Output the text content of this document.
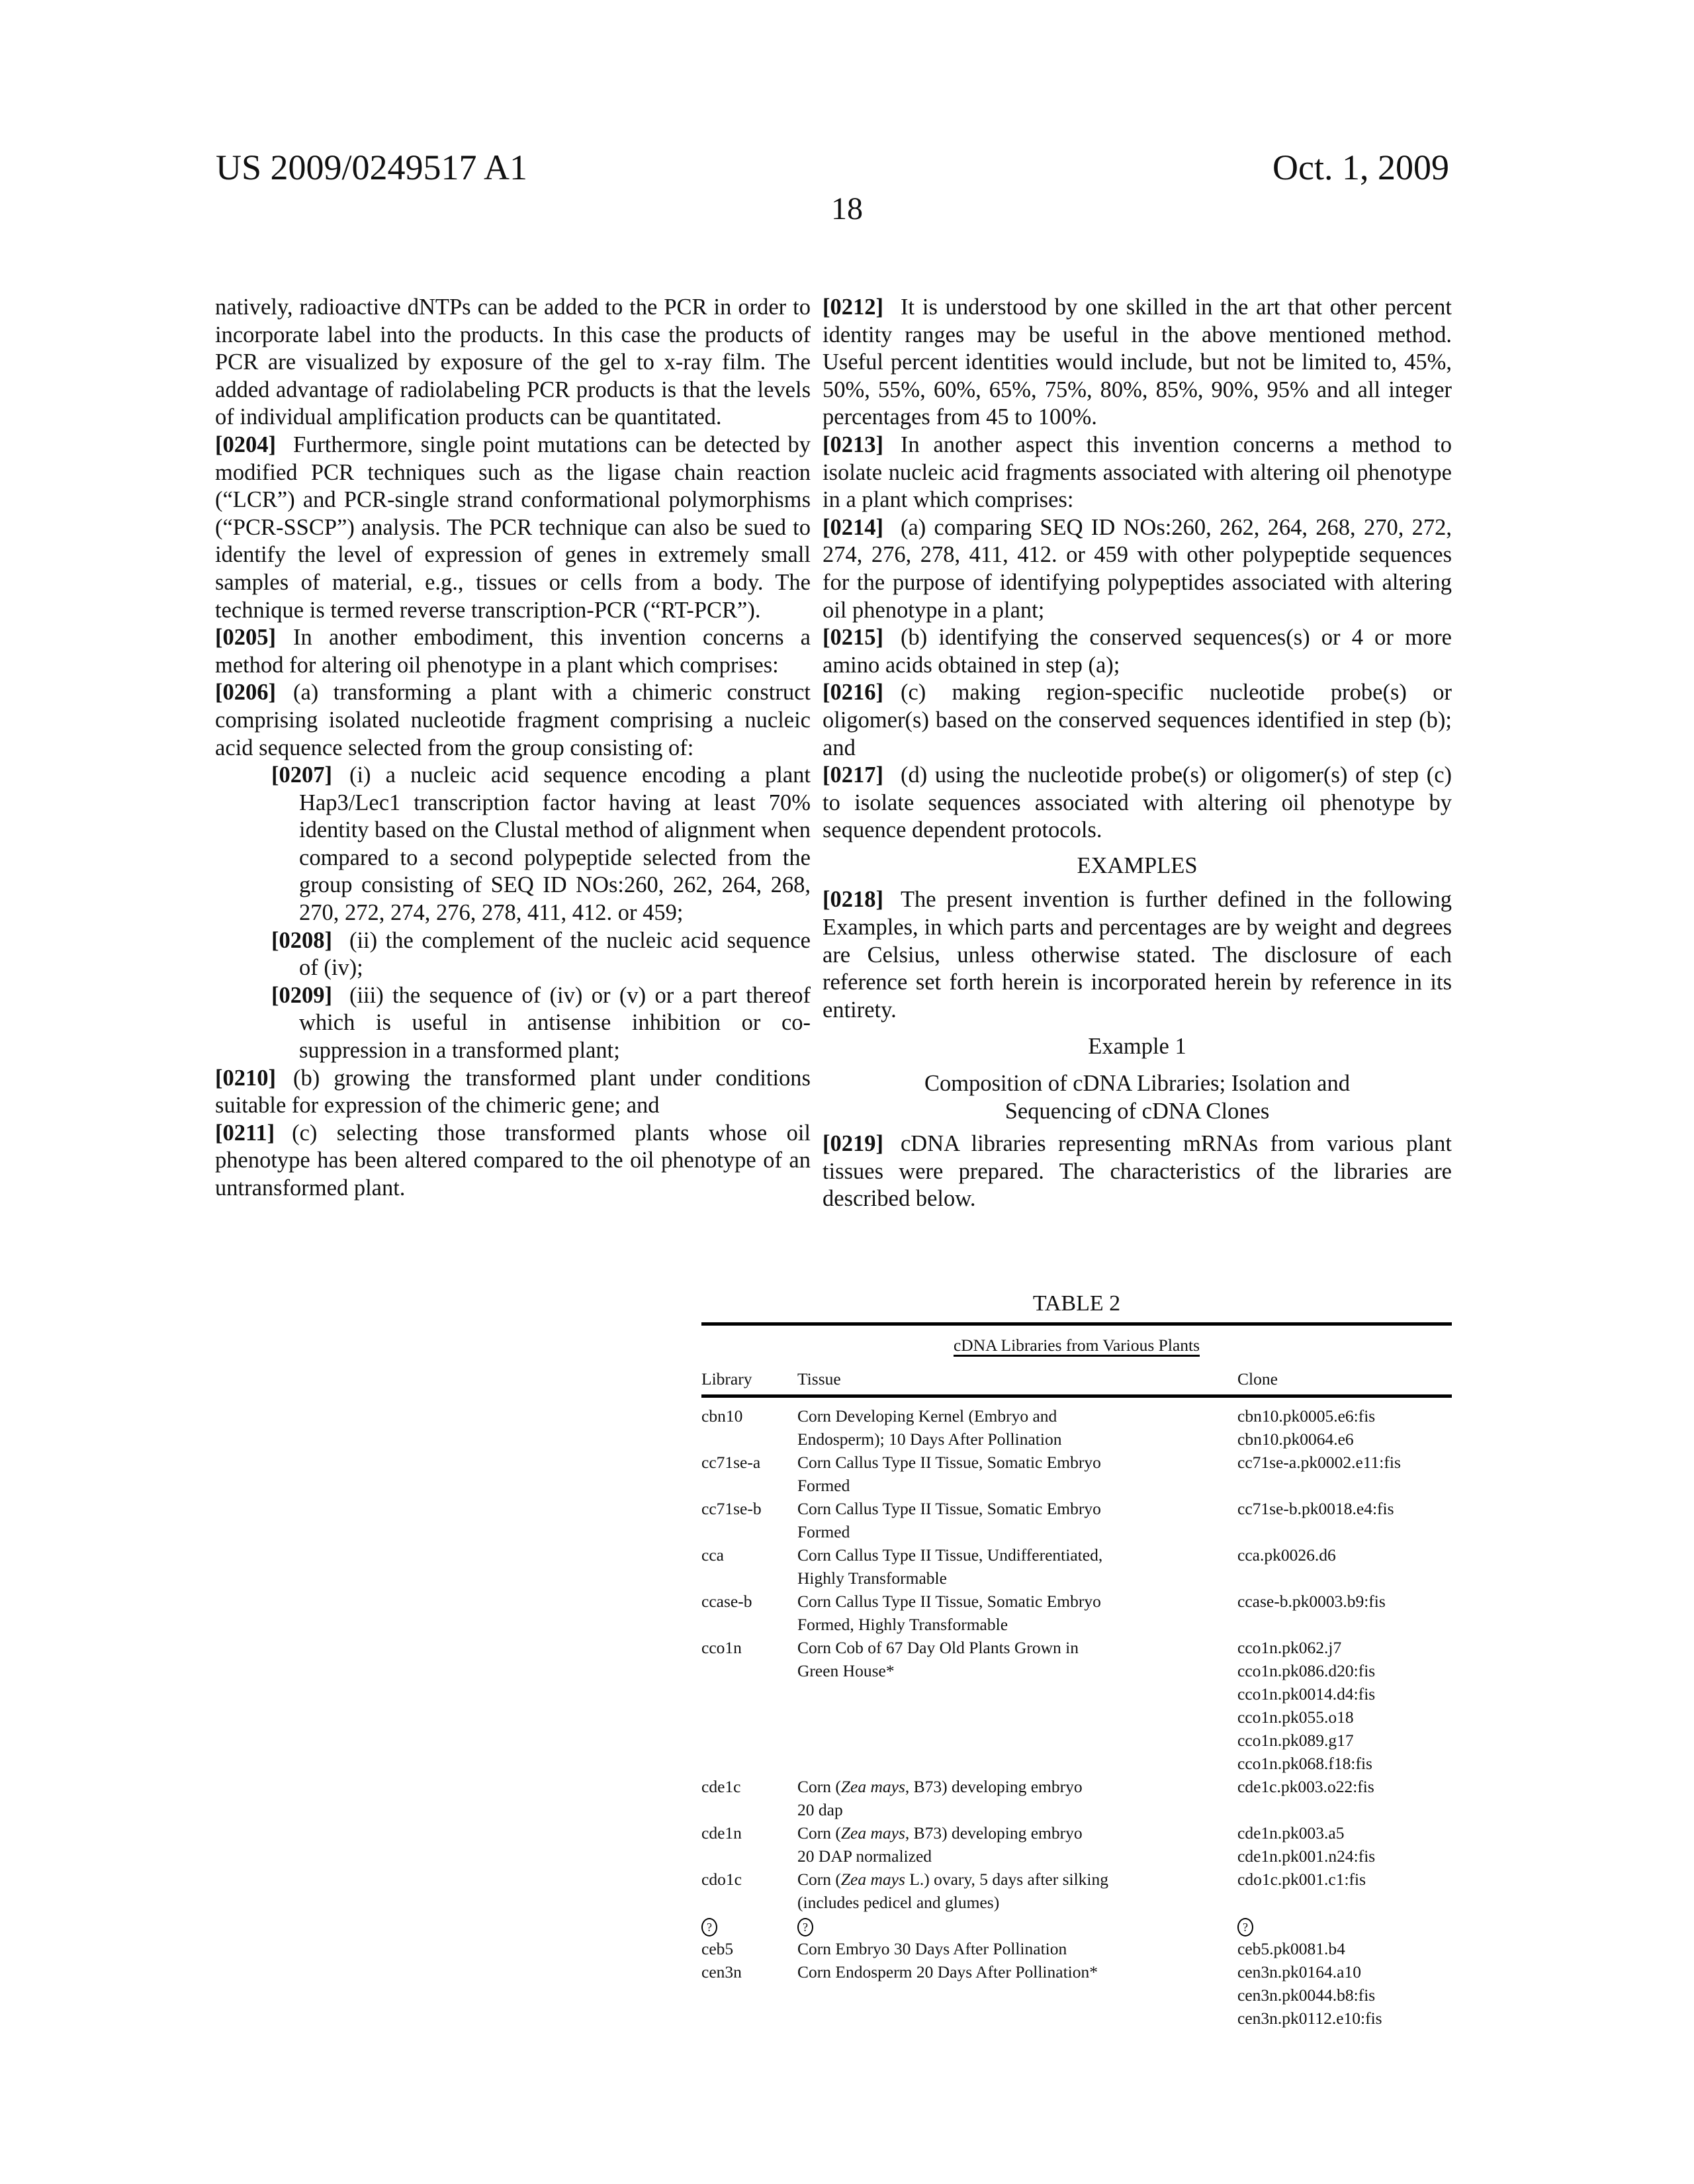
US 2009/0249517 A1	Oct. 1, 2009
18

natively, radioactive dNTPs can be added to the PCR in order to incorporate label into the products. In this case the products of PCR are visualized by exposure of the gel to x-ray film. The added advantage of radiolabeling PCR products is that the levels of individual amplification products can be quantitated.

[0204] Furthermore, single point mutations can be detected by modified PCR techniques such as the ligase chain reaction (“LCR”) and PCR-single strand conformational polymorphisms (“PCR-SSCP”) analysis. The PCR technique can also be sued to identify the level of expression of genes in extremely small samples of material, e.g., tissues or cells from a body. The technique is termed reverse transcription-PCR (“RT-PCR”).

[0205] In another embodiment, this invention concerns a method for altering oil phenotype in a plant which comprises:

[0206] (a) transforming a plant with a chimeric construct comprising isolated nucleotide fragment comprising a nucleic acid sequence selected from the group consisting of:

[0207] (i) a nucleic acid sequence encoding a plant Hap3/Lec1 transcription factor having at least 70% identity based on the Clustal method of alignment when compared to a second polypeptide selected from the group consisting of SEQ ID NOs:260, 262, 264, 268, 270, 272, 274, 276, 278, 411, 412. or 459;

[0208] (ii) the complement of the nucleic acid sequence of (iv);

[0209] (iii) the sequence of (iv) or (v) or a part thereof which is useful in antisense inhibition or co-suppression in a transformed plant;

[0210] (b) growing the transformed plant under conditions suitable for expression of the chimeric gene; and

[0211] (c) selecting those transformed plants whose oil phenotype has been altered compared to the oil phenotype of an untransformed plant.

[0212] It is understood by one skilled in the art that other percent identity ranges may be useful in the above mentioned method. Useful percent identities would include, but not be limited to, 45%, 50%, 55%, 60%, 65%, 75%, 80%, 85%, 90%, 95% and all integer percentages from 45 to 100%.

[0213] In another aspect this invention concerns a method to isolate nucleic acid fragments associated with altering oil phenotype in a plant which comprises:

[0214] (a) comparing SEQ ID NOs:260, 262, 264, 268, 270, 272, 274, 276, 278, 411, 412. or 459 with other polypeptide sequences for the purpose of identifying polypeptides associated with altering oil phenotype in a plant;

[0215] (b) identifying the conserved sequences(s) or 4 or more amino acids obtained in step (a);

[0216] (c) making region-specific nucleotide probe(s) or oligomer(s) based on the conserved sequences identified in step (b); and

[0217] (d) using the nucleotide probe(s) or oligomer(s) of step (c) to isolate sequences associated with altering oil phenotype by sequence dependent protocols.

EXAMPLES

[0218] The present invention is further defined in the following Examples, in which parts and percentages are by weight and degrees are Celsius, unless otherwise stated. The disclosure of each reference set forth herein is incorporated herein by reference in its entirety.

Example 1

Composition of cDNA Libraries; Isolation and

Sequencing of cDNA Clones

[0219] cDNA libraries representing mRNAs from various plant tissues were prepared. The characteristics of the libraries are described below.

TABLE 2
cDNA Libraries from Various Plants
Library	Tissue	Clone
cbn10	Corn Developing Kernel (Embryo and
Endosperm); 10 Days After Pollination
cbn10.pk0005.e6:fis
cbn10.pk0064.e6
cc71se-a	Corn Callus Type II Tissue, Somatic Embryo
Formed
cc71se-a.pk0002.e11:fis
cc71se-b	Corn Callus Type II Tissue, Somatic Embryo
Formed
cc71se-b.pk0018.e4:fis
cca	Corn Callus Type II Tissue, Undifferentiated,
Highly Transformable
cca.pk0026.d6
ccase-b	Corn Callus Type II Tissue, Somatic Embryo
Formed, Highly Transformable
ccase-b.pk0003.b9:fis
cco1n	Corn Cob of 67 Day Old Plants Grown in
Green House*
cco1n.pk062.j7
cco1n.pk086.d20:fis
cco1n.pk0014.d4:fis
cco1n.pk055.o18
cco1n.pk089.g17
cco1n.pk068.f18:fis
cde1c	Corn (Zea mays, B73) developing embryo
20 dap
cde1c.pk003.o22:fis
cde1n	Corn (Zea mays, B73) developing embryo
20 DAP normalized
cde1n.pk003.a5
cde1n.pk001.n24:fis
cdo1c	Corn (Zea mays L.) ovary, 5 days after silking
(includes pedicel and glumes)
cdo1c.pk001.c1:fis
?	?	?
ceb5	Corn Embryo 30 Days After Pollination	ceb5.pk0081.b4
cen3n	Corn Endosperm 20 Days After Pollination*	cen3n.pk0164.a10
cen3n.pk0044.b8:fis
cen3n.pk0112.e10:fis
